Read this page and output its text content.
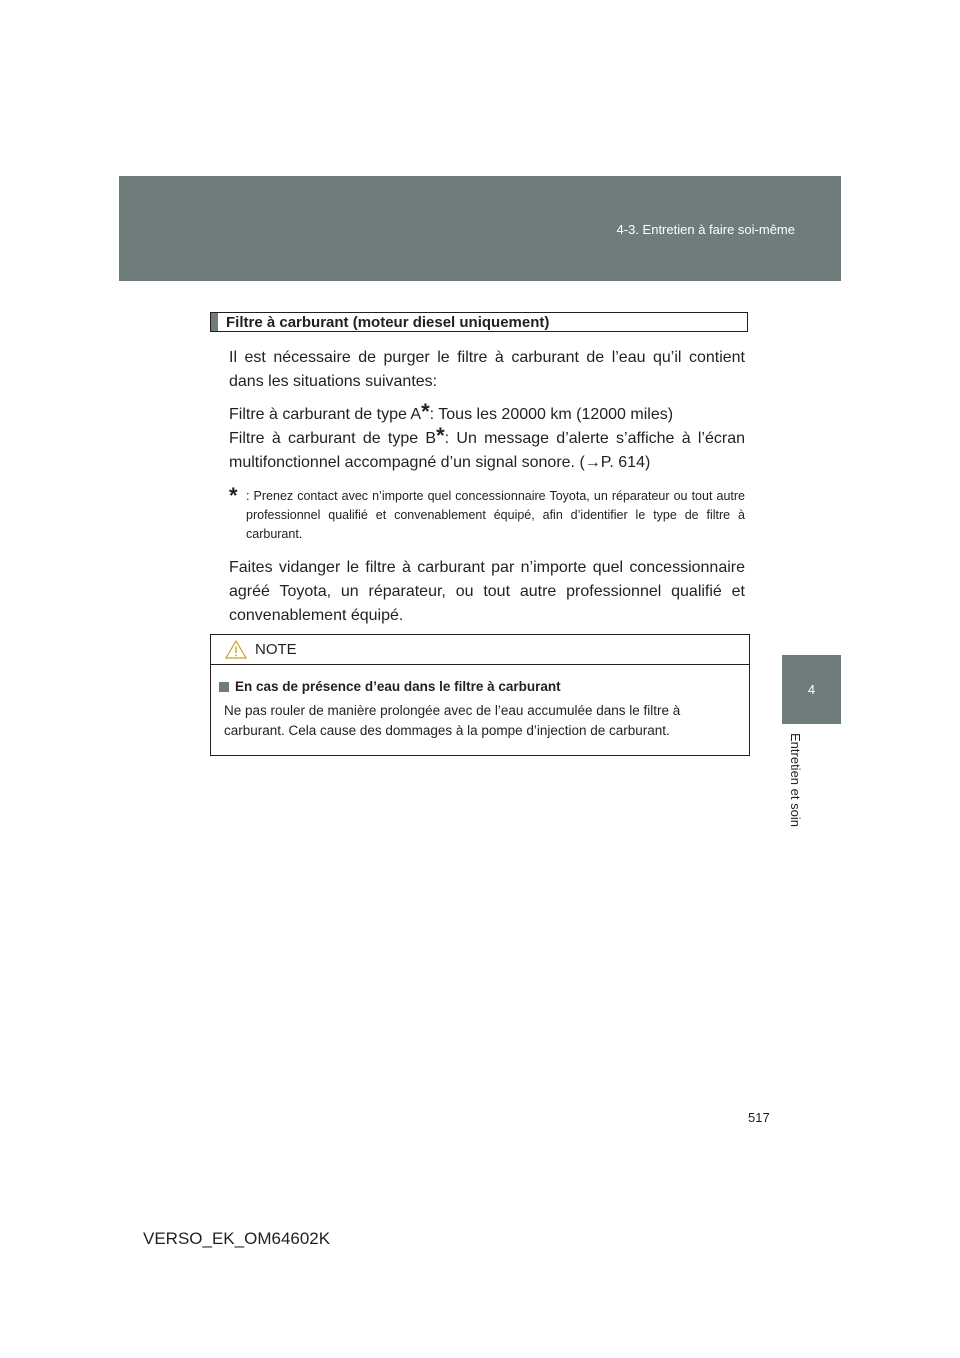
4-3. Entretien à faire soi-même
4
Entretien et soin
Filtre à carburant (moteur diesel uniquement)

Il est nécessaire de purger le filtre à carburant de l’eau qu’il contient dans les situations suivantes:

Filtre à carburant de type A*: Tous les 20000 km (12000 miles)

Filtre à carburant de type B*: Un message d’alerte s’affiche à l’écran multifonctionnel accompagné d’un signal sonore. (→P. 614)

* : Prenez contact avec n’importe quel concessionnaire Toyota, un réparateur ou tout autre professionnel qualifié et convenablement équipé, afin d’identifier le type de filtre à carburant.

Faites vidanger le filtre à carburant par n’importe quel concessionnaire agréé Toyota, un réparateur, ou tout autre professionnel qualifié et convenablement équipé.

NOTE
En cas de présence d’eau dans le filtre à carburant
Ne pas rouler de manière prolongée avec de l’eau accumulée dans le filtre à carburant. Cela cause des dommages à la pompe d’injection de carburant.
517
VERSO_EK_OM64602K
